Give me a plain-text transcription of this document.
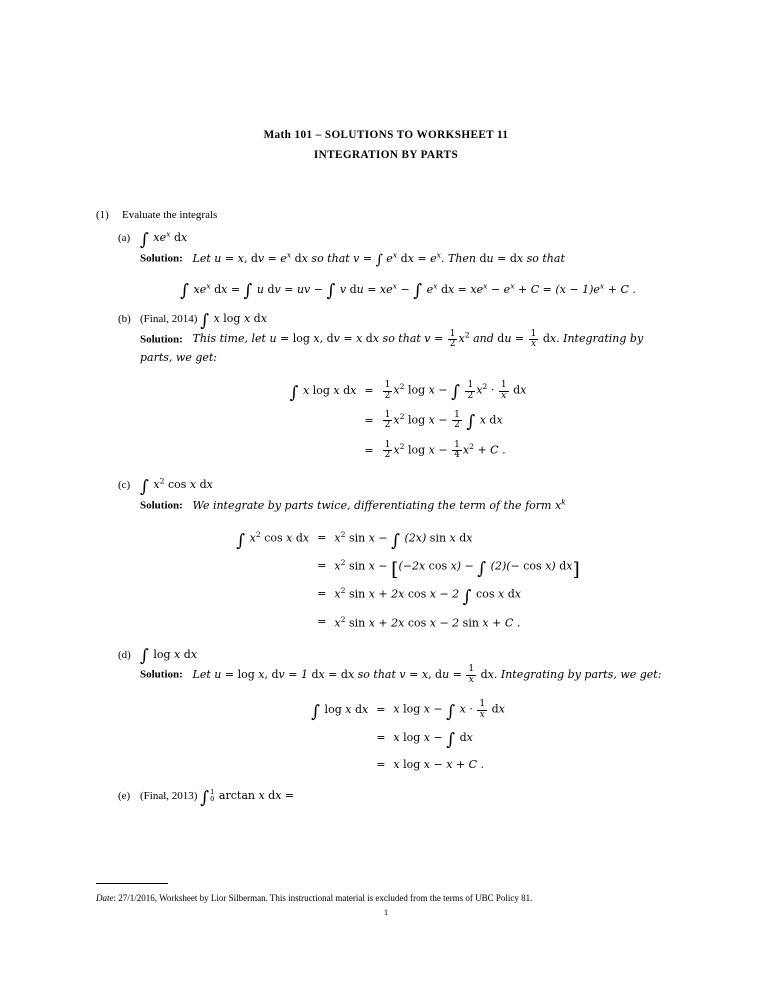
Math 101 – SOLUTIONS TO WORKSHEET 11
INTEGRATION BY PARTS
(1) Evaluate the integrals
(a) ∫ $xe^x$ dx
Solution:   Let u = x, dv = $e^x$ dx so that v = ∫ $e^x$ dx = $e^x$. Then du = dx so that
∫ $xe^x$ dx = ∫ u dv = uv − ∫ v du = $xe^x$ − ∫ $e^x$ dx = $xe^x - e^x + C = (x - 1)e^x + C$ .
(b) (Final, 2014) ∫ x log x dx
Solution:   This time, let u = log x, dv = x dx so that $v = \frac{1}{2} x^2$ and du = $\frac{1}{x}$ dx. Integrating by parts, we get:
∫ x log x dx	=	$\frac{1}{2} x^2$ log x − ∫ $\frac{1}{2} x^2 \cdot \frac{1}{x}$ dx
	=	$\frac{1}{2} x^2$ $\log x - \frac{1}{2}$ ∫ x dx
	=	$\frac{1}{2} x^2$ $\log x - \frac{1}{4} x^2 + C$ .
(c) ∫ $x^2$ cos x dx
Solution:   We integrate by parts twice, differentiating the term of the form $x^k$
∫ $x^2$ cos x dx	=	$x^2$ sin x − ∫ (2x) sin x dx
	=	$x^2$ sin x − [(−2x cos x) − ∫ (2)(− cos x) dx]
	=	$x^2$ sin x + 2x cos x − 2 ∫ cos x dx
	=	$x^2$ sin x + 2x cos x − 2 sin x + C .
(d) ∫ log x dx
Solution:   Let u = log x, dv = 1 dx = dx so that v = x, du = $\frac{1}{x}$ dx. Integrating by parts, we get:
∫ log x dx	=	x log x − ∫ $x \cdot \frac{1}{x}$ dx
	=	x log x − ∫ dx
	=	x log x − x + C .
(e) (Final, 2013) ∫ 1
0 arctan x dx =
Date: 27/1/2016, Worksheet by Lior Silberman. This instructional material is excluded from the terms of UBC Policy 81.
1
